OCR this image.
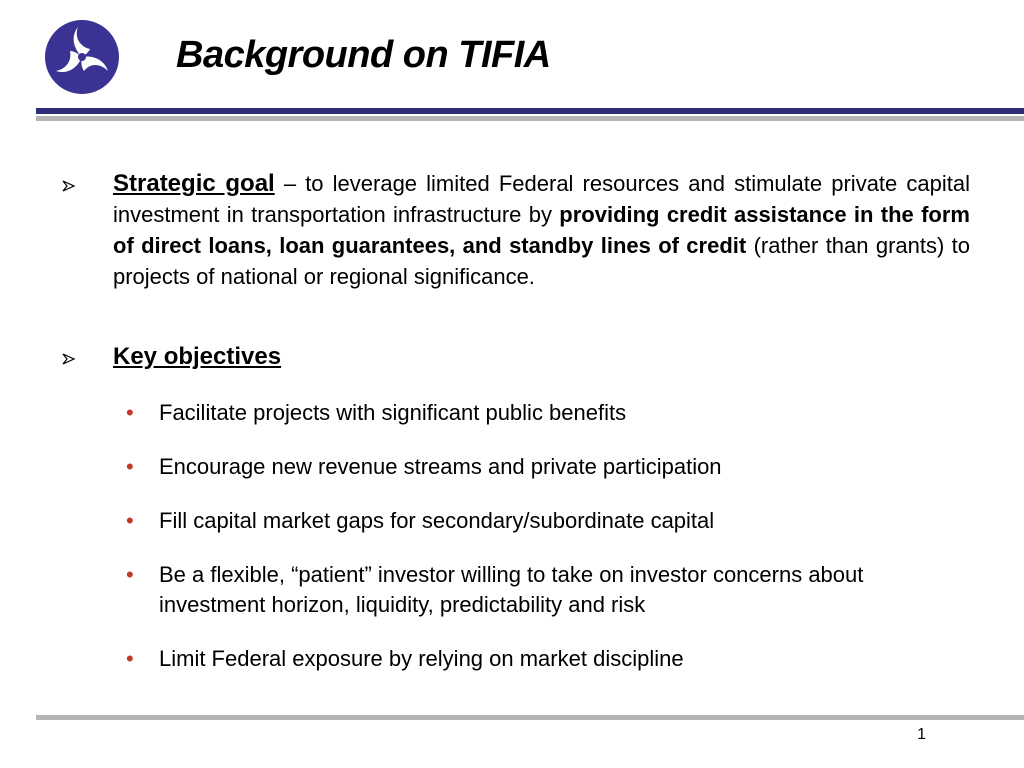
Background on TIFIA
Strategic goal – to leverage limited Federal resources and stimulate private capital investment in transportation infrastructure by providing credit assistance in the form of direct loans, loan guarantees, and standby lines of credit (rather than grants) to projects of national or regional significance.
Key objectives
• Facilitate projects with significant public benefits
• Encourage new revenue streams and private participation
• Fill capital market gaps for secondary/subordinate capital
• Be a flexible, “patient” investor willing to take on investor concerns about investment horizon, liquidity, predictability and risk
• Limit Federal exposure by relying on market discipline
1
